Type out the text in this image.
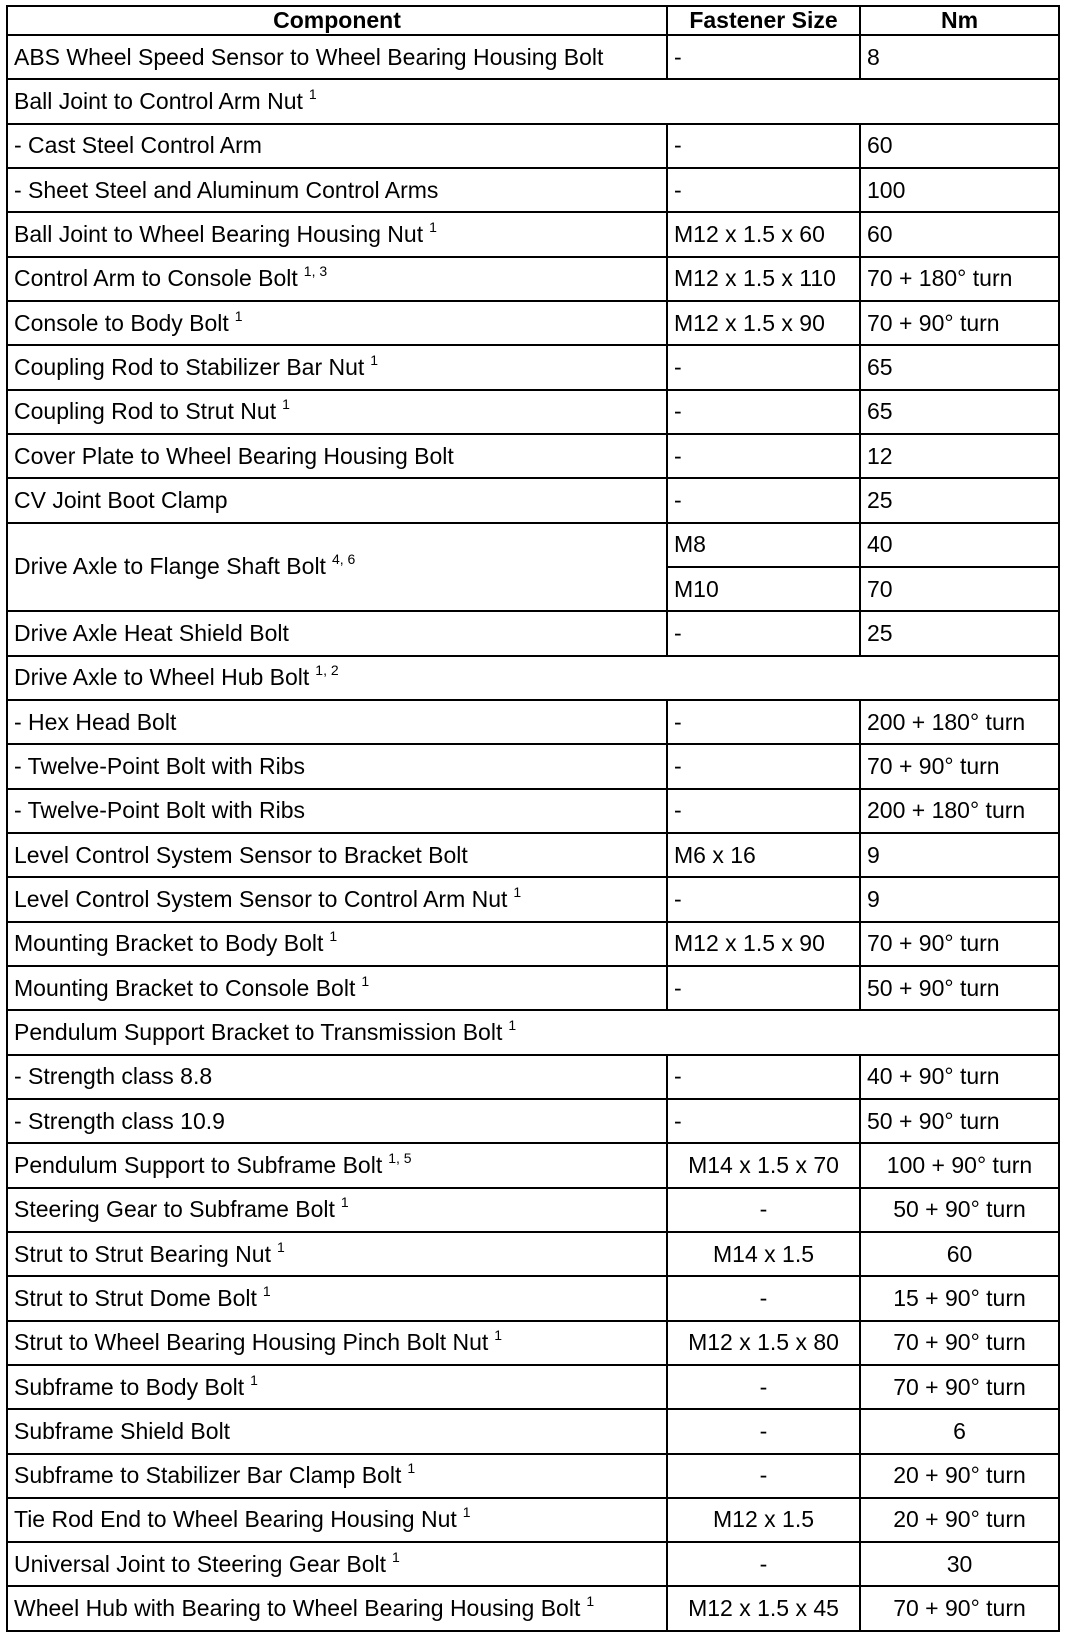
Component	Fastener Size	Nm
ABS Wheel Speed Sensor to Wheel Bearing Housing Bolt	-	8
Ball Joint to Control Arm Nut $^1$
- Cast Steel Control Arm	-	60
- Sheet Steel and Aluminum Control Arms	-	100
Ball Joint to Wheel Bearing Housing Nut $^1$	M12 x 1.5 x 60	60
Control Arm to Console Bolt $^{1, 3}$	M12 x 1.5 x 110	70 + 180° turn
Console to Body Bolt $^1$	M12 x 1.5 x 90	70 + 90° turn
Coupling Rod to Stabilizer Bar Nut $^1$	-	65
Coupling Rod to Strut Nut $^1$	-	65
Cover Plate to Wheel Bearing Housing Bolt	-	12
CV Joint Boot Clamp	-	25
Drive Axle to Flange Shaft Bolt $^{4, 6}$	M8	40
	M10	70
Drive Axle Heat Shield Bolt	-	25
Drive Axle to Wheel Hub Bolt $^{1, 2}$
- Hex Head Bolt	-	200 + 180° turn
- Twelve-Point Bolt with Ribs	-	70 + 90° turn
- Twelve-Point Bolt with Ribs	-	200 + 180° turn
Level Control System Sensor to Bracket Bolt	M6 x 16	9
Level Control System Sensor to Control Arm Nut $^1$	-	9
Mounting Bracket to Body Bolt $^1$	M12 x 1.5 x 90	70 + 90° turn
Mounting Bracket to Console Bolt $^1$	-	50 + 90° turn
Pendulum Support Bracket to Transmission Bolt $^1$
- Strength class 8.8	-	40 + 90° turn
- Strength class 10.9	-	50 + 90° turn
Pendulum Support to Subframe Bolt $^{1, 5}$	M14 x 1.5 x 70	100 + 90° turn
Steering Gear to Subframe Bolt $^1$	-	50 + 90° turn
Strut to Strut Bearing Nut $^1$	M14 x 1.5	60
Strut to Strut Dome Bolt $^1$	-	15 + 90° turn
Strut to Wheel Bearing Housing Pinch Bolt Nut $^1$	M12 x 1.5 x 80	70 + 90° turn
Subframe to Body Bolt $^1$	-	70 + 90° turn
Subframe Shield Bolt	-	6
Subframe to Stabilizer Bar Clamp Bolt $^1$	-	20 + 90° turn
Tie Rod End to Wheel Bearing Housing Nut $^1$	M12 x 1.5	20 + 90° turn
Universal Joint to Steering Gear Bolt $^1$	-	30
Wheel Hub with Bearing to Wheel Bearing Housing Bolt $^1$	M12 x 1.5 x 45	70 + 90° turn
